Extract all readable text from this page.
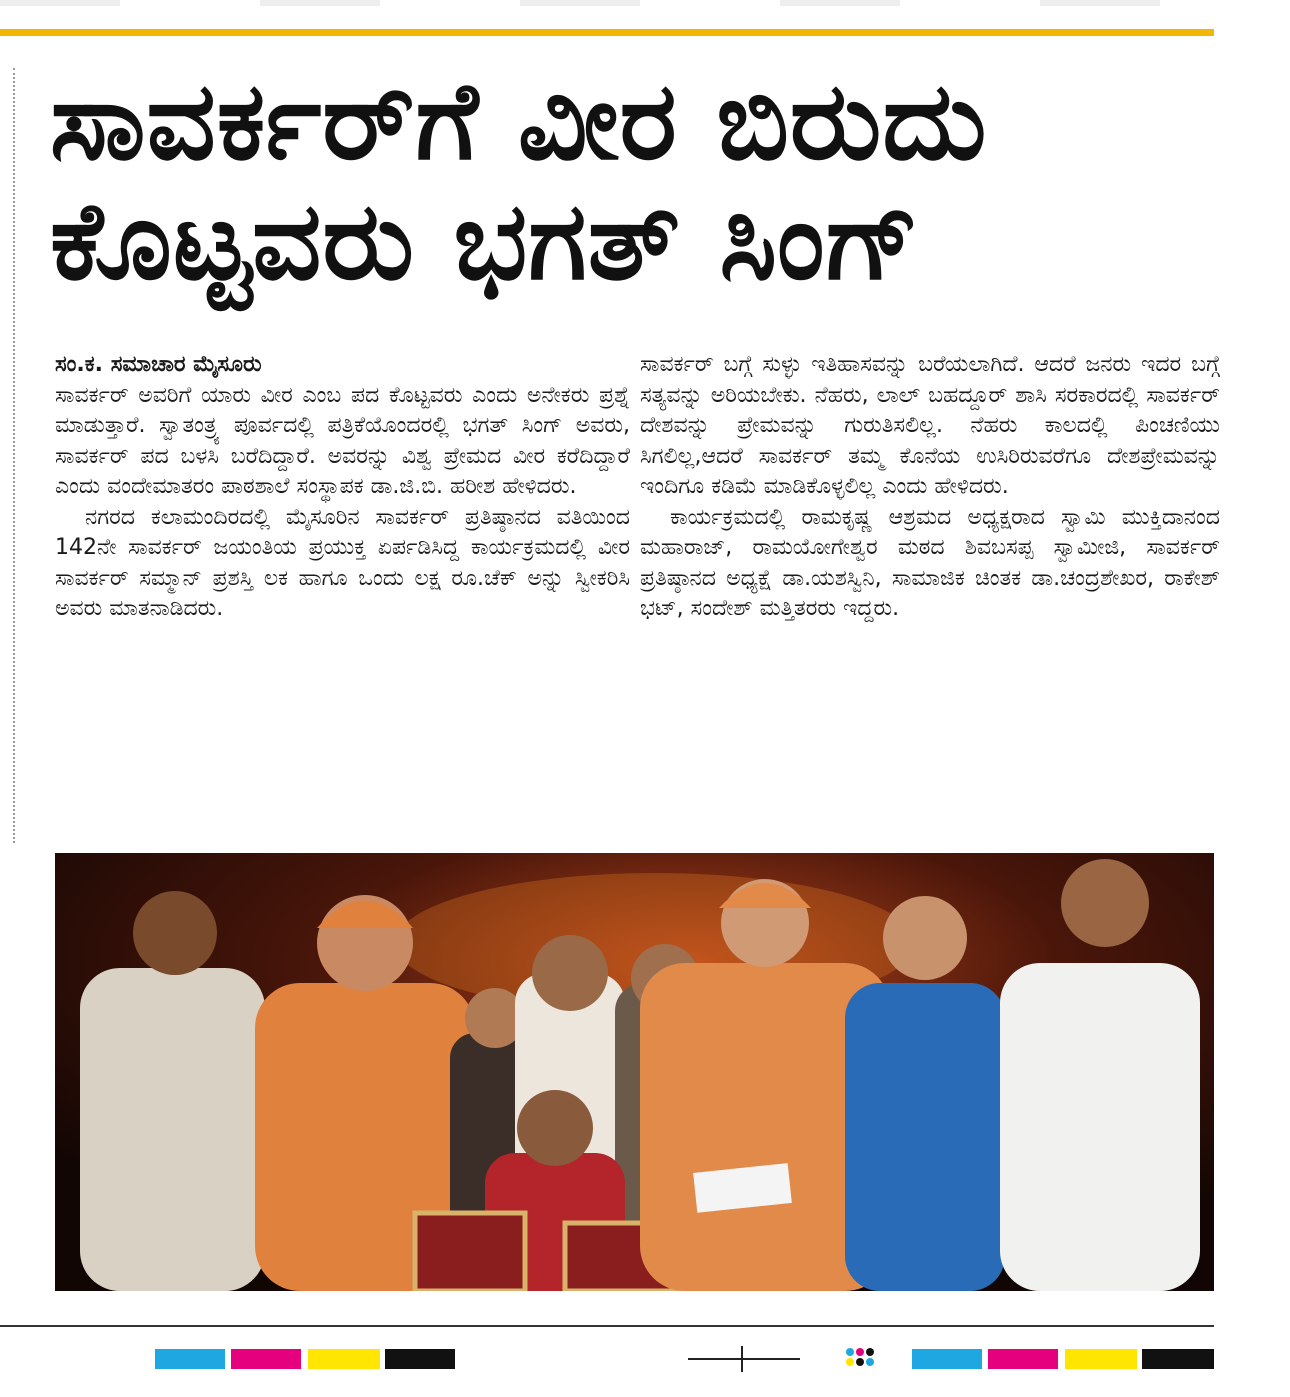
ಸಾವರ್ಕರ್‌ಗೆ ವೀರ ಬಿರುದು
ಕೊಟ್ಟವರು ಭಗತ್ ಸಿಂಗ್
ಸಂ.ಕ. ಸಮಾಚಾರ ಮೈಸೂರು

ಸಾವರ್ಕರ್ ಅವರಿಗೆ ಯಾರು ವೀರ ಎಂಬ ಪದ ಕೊಟ್ಟವರು ಎಂದು ಅನೇಕರು ಪ್ರಶ್ನೆ ಮಾಡುತ್ತಾರೆ. ಸ್ವಾತಂತ್ರ್ಯ ಪೂರ್ವದಲ್ಲಿ ಪತ್ರಿಕೆಯೊಂದರಲ್ಲಿ ಭಗತ್ ಸಿಂಗ್ ಅವರು, ಸಾವರ್ಕರ್ ಪದ ಬಳಸಿ ಬರೆದಿದ್ದಾರೆ. ಅವರನ್ನು ವಿಶ್ವ ಪ್ರೇಮದ ವೀರ ಕರೆದಿದ್ದಾರೆ ಎಂದು ವಂದೇಮಾತರಂ ಪಾಠಶಾಲೆ ಸಂಸ್ಥಾಪಕ ಡಾ.ಜಿ.ಬಿ. ಹರೀಶ ಹೇಳಿದರು.

ನಗರದ ಕಲಾಮಂದಿರದಲ್ಲಿ ಮೈಸೂರಿನ ಸಾವರ್ಕರ್ ಪ್ರತಿಷ್ಠಾನದ ವತಿಯಿಂದ 142ನೇ ಸಾವರ್ಕರ್ ಜಯಂತಿಯ ಪ್ರಯುಕ್ತ ಏರ್ಪಡಿಸಿದ್ದ ಕಾರ್ಯಕ್ರಮದಲ್ಲಿ ವೀರ ಸಾವರ್ಕರ್ ಸಮ್ಮಾನ್ ಪ್ರಶಸ್ತಿ ಲಕ ಹಾಗೂ ಒಂದು ಲಕ್ಷ ರೂ.ಚೆಕ್ ಅನ್ನು ಸ್ವೀಕರಿಸಿ ಅವರು ಮಾತನಾಡಿದರು.

ಸಾವರ್ಕರ್ ಬಗ್ಗೆ ಸುಳ್ಳು ಇತಿಹಾಸವನ್ನು ಬರೆಯಲಾಗಿದೆ. ಆದರೆ ಜನರು ಇದರ ಬಗ್ಗೆ ಸತ್ಯವನ್ನು ಅರಿಯಬೇಕು. ನೆಹರು, ಲಾಲ್ ಬಹದ್ದೂರ್ ಶಾಸಿ ಸರಕಾರದಲ್ಲಿ ಸಾವರ್ಕರ್ ದೇಶವನ್ನು ಪ್ರೇಮವನ್ನು ಗುರುತಿಸಲಿಲ್ಲ. ನೆಹರು ಕಾಲದಲ್ಲಿ ಪಿಂಚಣಿಯು ಸಿಗಲಿಲ್ಲ,ಆದರೆ ಸಾವರ್ಕರ್ ತಮ್ಮ ಕೊನೆಯ ಉಸಿರಿರುವರೆಗೂ ದೇಶಪ್ರೇಮವನ್ನು ಇಂದಿಗೂ ಕಡಿಮೆ ಮಾಡಿಕೊಳ್ಳಲಿಲ್ಲ ಎಂದು ಹೇಳಿದರು.

ಕಾರ್ಯಕ್ರಮದಲ್ಲಿ ರಾಮಕೃಷ್ಣ ಆಶ್ರಮದ ಅಧ್ಯಕ್ಷರಾದ ಸ್ವಾಮಿ ಮುಕ್ತಿದಾನಂದ ಮಹಾರಾಜ್, ರಾಮಯೋಗೇಶ್ವರ ಮಠದ ಶಿವಬಸಪ್ಪ ಸ್ವಾಮೀಜಿ, ಸಾವರ್ಕರ್ ಪ್ರತಿಷ್ಠಾನದ ಅಧ್ಯಕ್ಷೆ ಡಾ.ಯಶಸ್ವಿನಿ, ಸಾಮಾಜಿಕ ಚಿಂತಕ ಡಾ.ಚಂದ್ರಶೇಖರ, ರಾಕೇಶ್ ಭಟ್, ಸಂದೇಶ್ ಮತ್ತಿತರರು ಇದ್ದರು.
